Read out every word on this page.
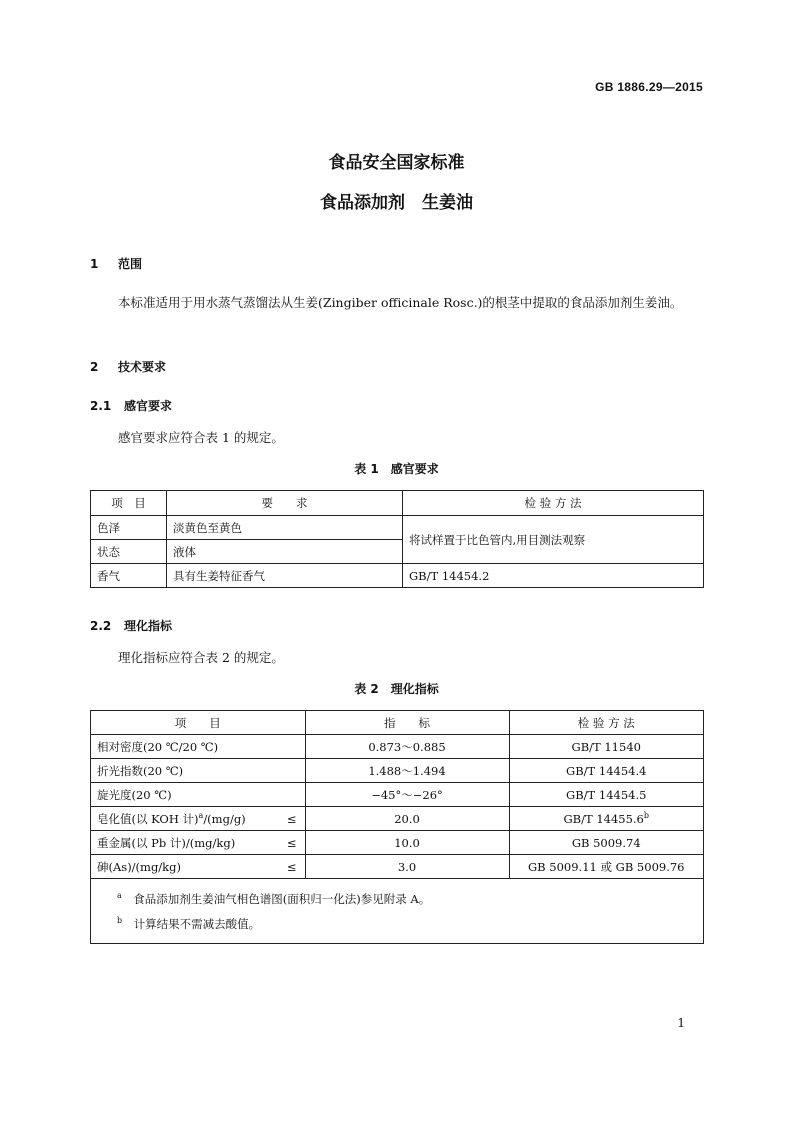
GB 1886.29—2015
食品安全国家标准
食品添加剂　生姜油
1 范围
本标准适用于用水蒸气蒸馏法从生姜(Zingiber officinale Rosc.)的根茎中提取的食品添加剂生姜油。
2 技术要求
2.1 感官要求
感官要求应符合表 1 的规定。
表 1　感官要求
项　目	要　　求	检 验 方 法
色泽	淡黄色至黄色	将试样置于比色管内,用目测法观察
状态	液体	
香气	具有生姜特征香气	GB/T 14454.2
2.2 理化指标
理化指标应符合表 2 的规定。
表 2　理化指标
项　　目		指　　标	检 验 方 法
相对密度(20 ℃/20 ℃)		0.873～0.885	GB/T 11540
折光指数(20 ℃)		1.488～1.494	GB/T 14454.4
旋光度(20 ℃)		−45°～−26°	GB/T 14454.5
皂化值(以 KOH 计)$^a$/(mg/g)	≤	20.0	GB/T 14455.6$^b$
重金属(以 Pb 计)/(mg/kg)	≤	10.0	GB 5009.74
砷(As)/(mg/kg)	≤	3.0	GB 5009.11 或 GB 5009.76

$^a$　 食品添加剂生姜油气相色谱图(面积归一化法)参见附录 A。
$^b$　 计算结果不需减去酸值。			
1
